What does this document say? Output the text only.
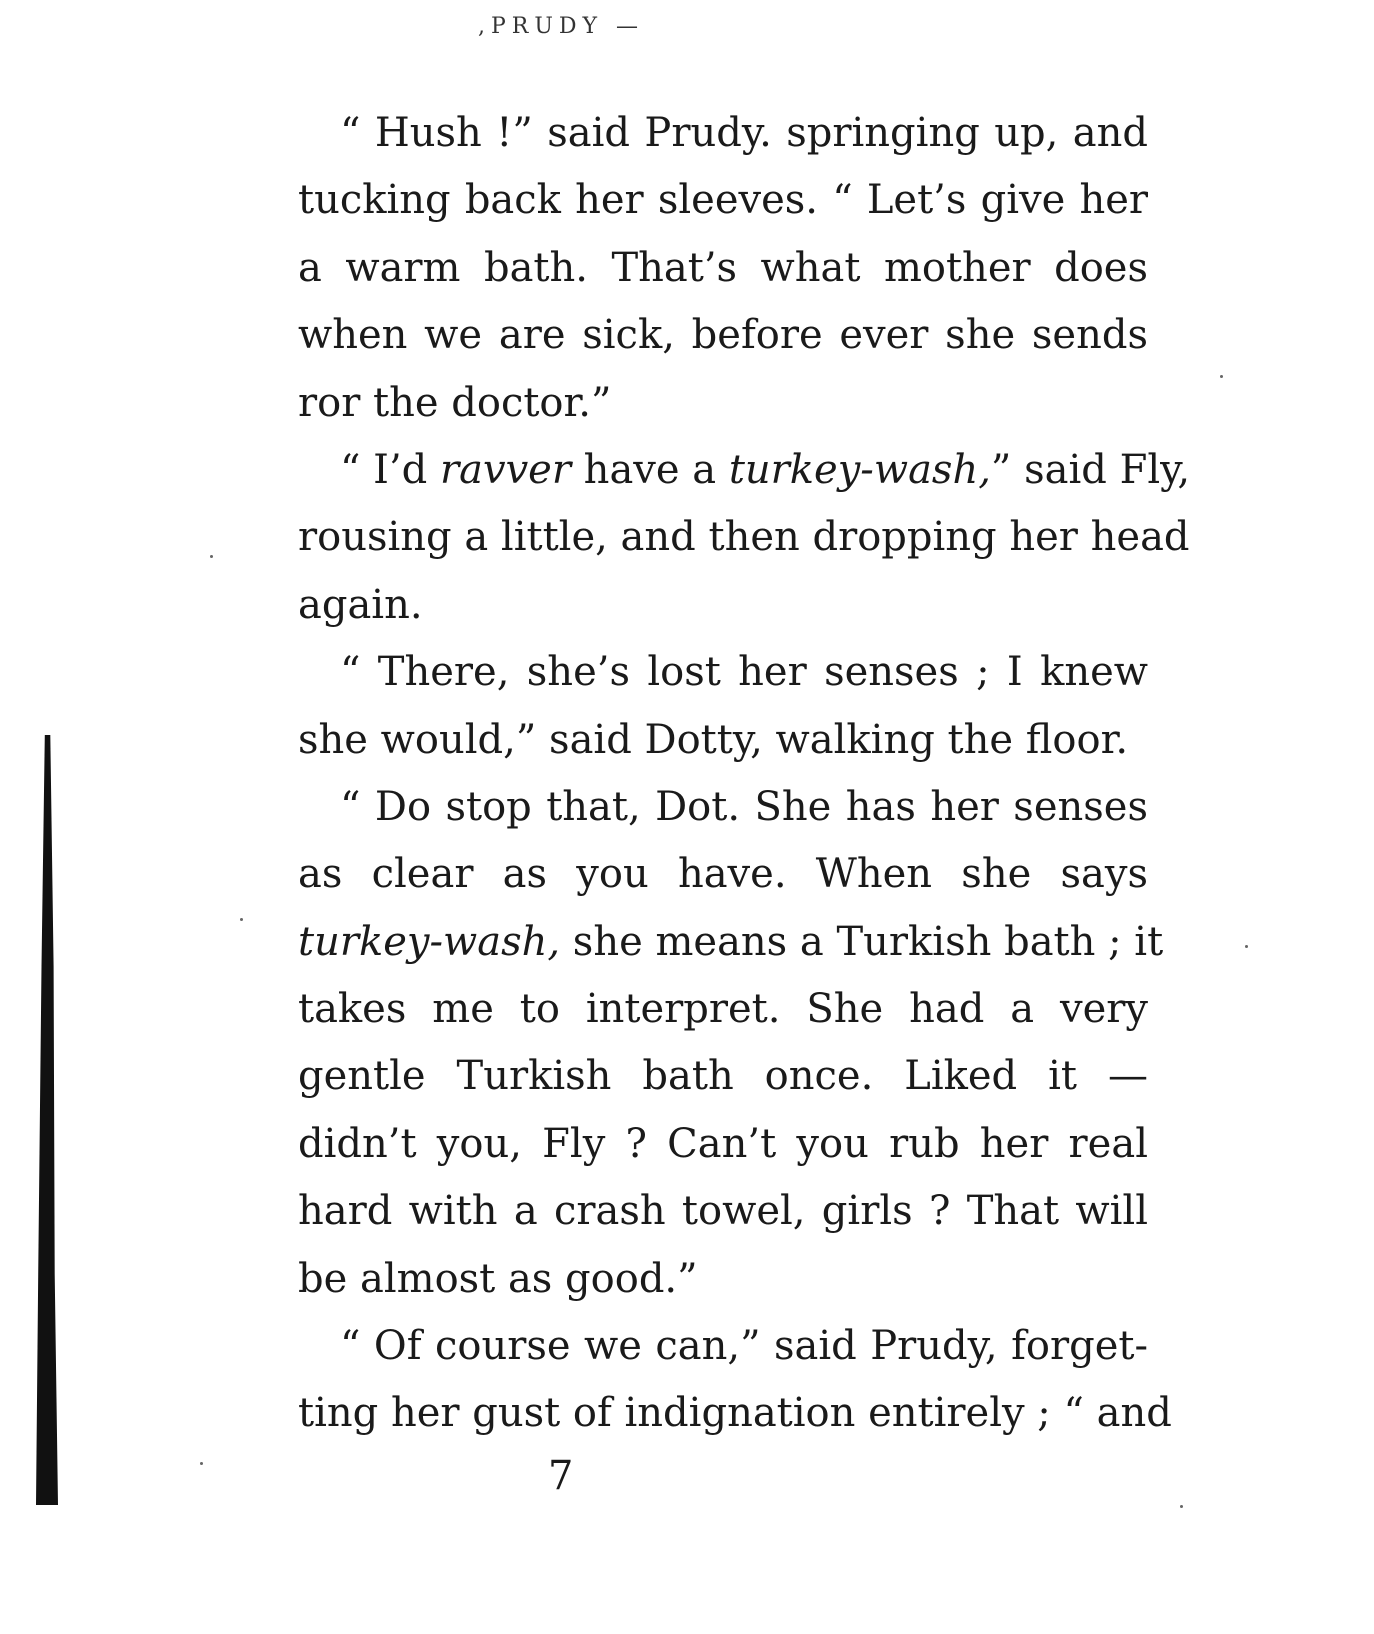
,PRUDY —
“ Hush !” said Prudy. springing up, and
tucking back her sleeves. “ Let’s give her
a warm bath. That’s what mother does
when we are sick, before ever she sends
ror the doctor.”
“ I’d ravver have a turkey-wash,” said Fly,
rousing a little, and then dropping her head
again.
“ There, she’s lost her senses ; I knew
she would,” said Dotty, walking the floor.
“ Do stop that, Dot. She has her senses
as clear as you have. When she says
turkey-wash, she means a Turkish bath ; it
takes me to interpret. She had a very
gentle Turkish bath once. Liked it —
didn’t you, Fly ? Can’t you rub her real
hard with a crash towel, girls ? That will
be almost as good.”
“ Of course we can,” said Prudy, forget-
ting her gust of indignation entirely ; “ and
7
